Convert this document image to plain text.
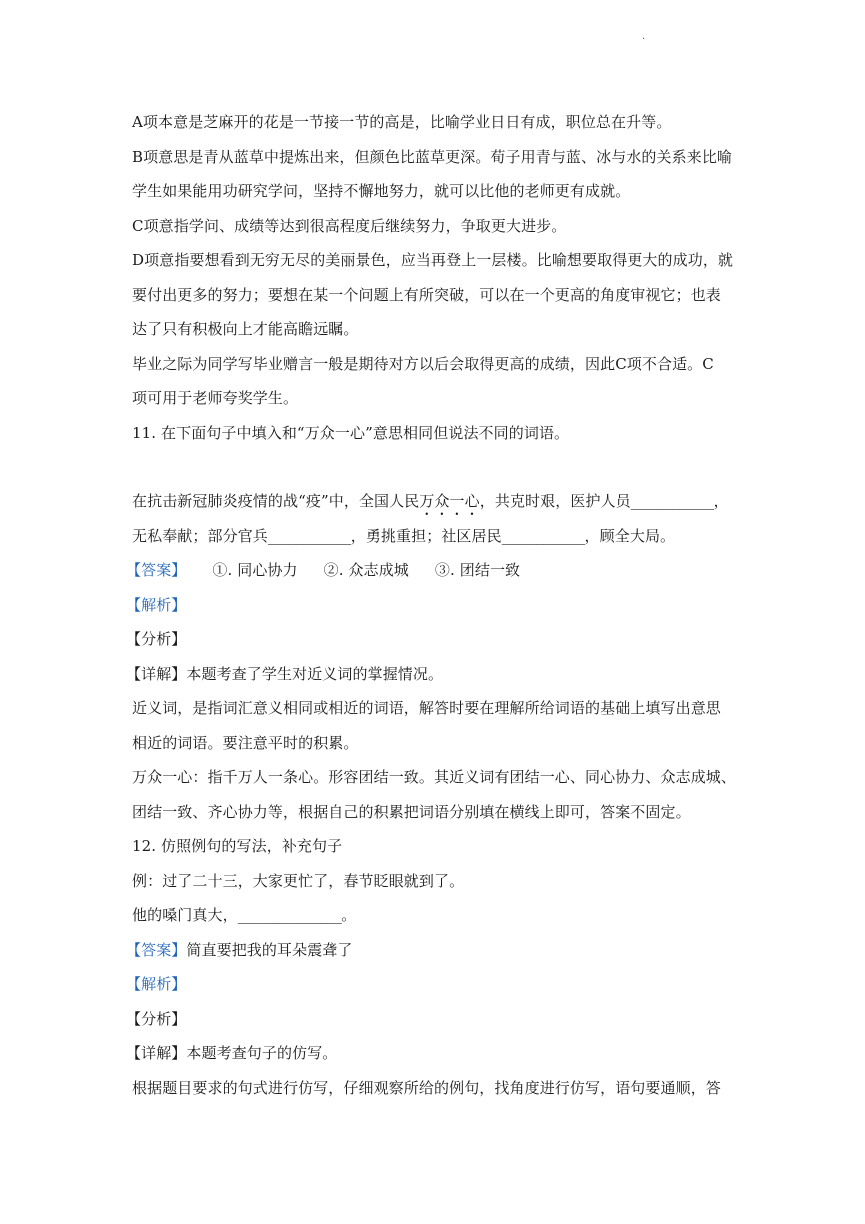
·
A项本意是芝麻开的花是一节接一节的高是，比喻学业日日有成，职位总在升等。
B项意思是青从蓝草中提炼出来，但颜色比蓝草更深。荀子用青与蓝、冰与水的关系来比喻
学生如果能用功研究学问，坚持不懈地努力，就可以比他的老师更有成就。
C项意指学问、成绩等达到很高程度后继续努力，争取更大进步。
D项意指要想看到无穷无尽的美丽景色，应当再登上一层楼。比喻想要取得更大的成功，就
要付出更多的努力；要想在某一个问题上有所突破，可以在一个更高的角度审视它；也表
达了只有积极向上才能高瞻远瞩。
毕业之际为同学写毕业赠言一般是期待对方以后会取得更高的成绩，因此C项不合适。C
项可用于老师夸奖学生。
11. 在下面句子中填入和“万众一心”意思相同但说法不同的词语。
在抗击新冠肺炎疫情的战“疫”中，全国人民万众一心，共克时艰，医护人员____________，
无私奉献；部分官兵____________，勇挑重担；社区居民____________，顾全大局。
【答案】 ①. 同心协力 ②. 众志成城 ③. 团结一致
【解析】
【分析】
【详解】本题考查了学生对近义词的掌握情况。
近义词，是指词汇意义相同或相近的词语，解答时要在理解所给词语的基础上填写出意思
相近的词语。要注意平时的积累。
万众一心：指千万人一条心。形容团结一致。其近义词有团结一心、同心协力、众志成城、
团结一致、齐心协力等，根据自己的积累把词语分别填在横线上即可，答案不固定。
12. 仿照例句的写法，补充句子
例：过了二十三，大家更忙了，春节眨眼就到了。
他的嗓门真大，_______________。
【答案】简直要把我的耳朵震聋了
【解析】
【分析】
【详解】本题考查句子的仿写。
根据题目要求的句式进行仿写，仔细观察所给的例句，找角度进行仿写，语句要通顺，答
